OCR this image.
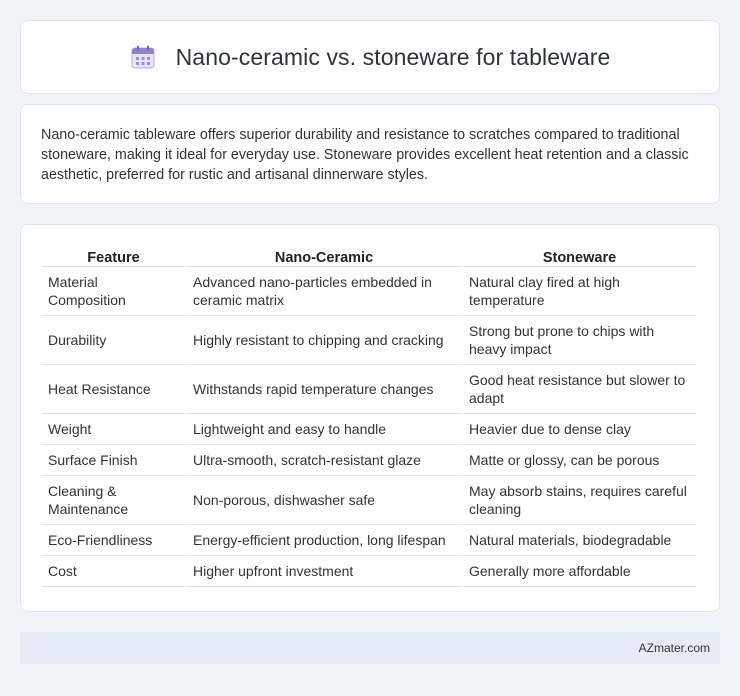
Nano-ceramic vs. stoneware for tableware

Nano-ceramic tableware offers superior durability and resistance to scratches compared to traditional stoneware, making it ideal for everyday use. Stoneware provides excellent heat retention and a classic aesthetic, preferred for rustic and artisanal dinnerware styles.

Feature	Nano-Ceramic	Stoneware
Material Composition	Advanced nano-particles embedded in ceramic matrix	Natural clay fired at high temperature
Durability	Highly resistant to chipping and cracking	Strong but prone to chips with heavy impact
Heat Resistance	Withstands rapid temperature changes	Good heat resistance but slower to adapt
Weight	Lightweight and easy to handle	Heavier due to dense clay
Surface Finish	Ultra-smooth, scratch-resistant glaze	Matte or glossy, can be porous
Cleaning & Maintenance	Non-porous, dishwasher safe	May absorb stains, requires careful cleaning
Eco-Friendliness	Energy-efficient production, long lifespan	Natural materials, biodegradable
Cost	Higher upfront investment	Generally more affordable
AZmater.com
